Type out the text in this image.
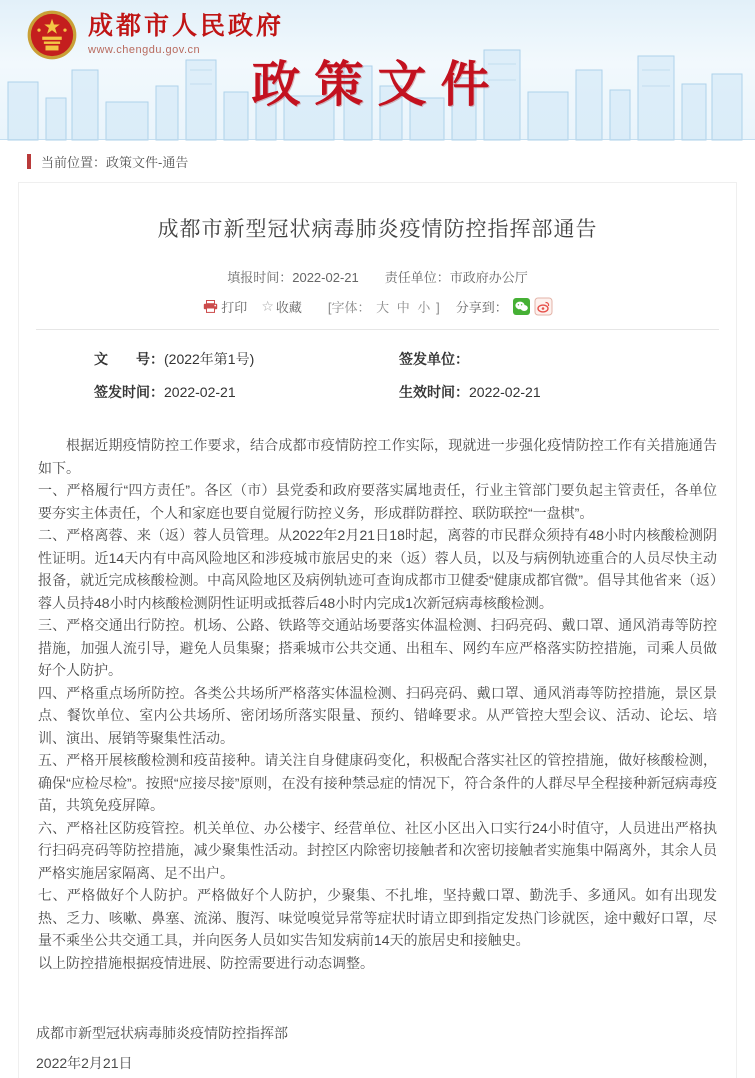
成都市人民政府
www.chengdu.gov.cn
政策文件
当前位置： 政策文件-通告
成都市新型冠状病毒肺炎疫情防控指挥部通告
填报时间：2022-02-21 责任单位：市政府办公厅
打印 ☆ 收藏 [字体： 大 中 小 ] 分享到：
文　　号：(2022年第1号)	签发单位：
签发时间：2022-02-21	生效时间：2022-02-21

根据近期疫情防控工作要求，结合成都市疫情防控工作实际，现就进一步强化疫情防控工作有关措施通告如下。

一、严格履行“四方责任”。各区（市）县党委和政府要落实属地责任，行业主管部门要负起主管责任，各单位要夯实主体责任，个人和家庭也要自觉履行防控义务，形成群防群控、联防联控“一盘棋”。

二、严格离蓉、来（返）蓉人员管理。从2022年2月21日18时起，离蓉的市民群众须持有48小时内核酸检测阴性证明。近14天内有中高风险地区和涉疫城市旅居史的来（返）蓉人员，以及与病例轨迹重合的人员尽快主动报备，就近完成核酸检测。中高风险地区及病例轨迹可查询成都市卫健委“健康成都官微”。倡导其他省来（返）蓉人员持48小时内核酸检测阴性证明或抵蓉后48小时内完成1次新冠病毒核酸检测。

三、严格交通出行防控。机场、公路、铁路等交通站场要落实体温检测、扫码亮码、戴口罩、通风消毒等防控措施，加强人流引导，避免人员集聚；搭乘城市公共交通、出租车、网约车应严格落实防控措施，司乘人员做好个人防护。

四、严格重点场所防控。各类公共场所严格落实体温检测、扫码亮码、戴口罩、通风消毒等防控措施，景区景点、餐饮单位、室内公共场所、密闭场所落实限量、预约、错峰要求。从严管控大型会议、活动、论坛、培训、演出、展销等聚集性活动。

五、严格开展核酸检测和疫苗接种。请关注自身健康码变化，积极配合落实社区的管控措施，做好核酸检测，确保“应检尽检”。按照“应接尽接”原则，在没有接种禁忌症的情况下，符合条件的人群尽早全程接种新冠病毒疫苗，共筑免疫屏障。

六、严格社区防疫管控。机关单位、办公楼宇、经营单位、社区小区出入口实行24小时值守，人员进出严格执行扫码亮码等防控措施，减少聚集性活动。封控区内除密切接触者和次密切接触者实施集中隔离外，其余人员严格实施居家隔离、足不出户。

七、严格做好个人防护。严格做好个人防护，少聚集、不扎堆，坚持戴口罩、勤洗手、多通风。如有出现发热、乏力、咳嗽、鼻塞、流涕、腹泻、味觉嗅觉异常等症状时请立即到指定发热门诊就医，途中戴好口罩，尽量不乘坐公共交通工具，并向医务人员如实告知发病前14天的旅居史和接触史。

以上防控措施根据疫情进展、防控需要进行动态调整。

成都市新型冠状病毒肺炎疫情防控指挥部
2022年2月21日
